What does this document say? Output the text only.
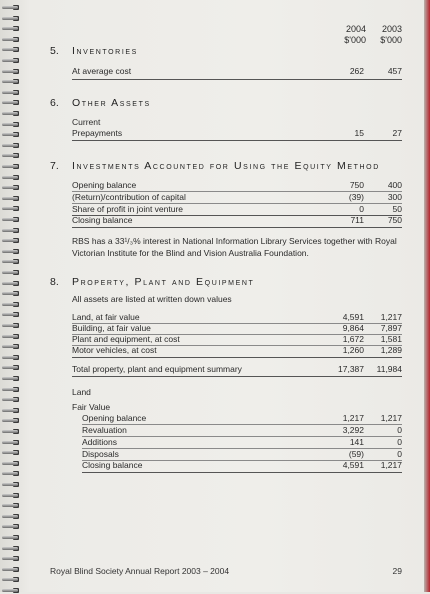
2004 2003
$'000 $'000
5. Inventories
At average cost	262	457
6. Other Assets
Current
Prepayments	15	27
7. Investments Accounted for Using the Equity Method
Opening balance	750	400
(Return)/contribution of capital	(39)	300
Share of profit in joint venture	0	50
Closing balance	711	750
RBS has a 33¹/₃% interest in National Information Library Services together with Royal Victorian Institute for the Blind and Vision Australia Foundation.
8. Property, Plant and Equipment
All assets are listed at written down values
Land, at fair value	4,591	1,217
Building, at fair value	9,864	7,897
Plant and equipment, at cost	1,672	1,581
Motor vehicles, at cost	1,260	1,289
Total property, plant and equipment summary	17,387	11,984
Land
Fair Value
Opening balance	1,217	1,217
Revaluation	3,292	0
Additions	141	0
Disposals	(59)	0
Closing balance	4,591	1,217
Royal Blind Society Annual Report 2003 – 2004	29
